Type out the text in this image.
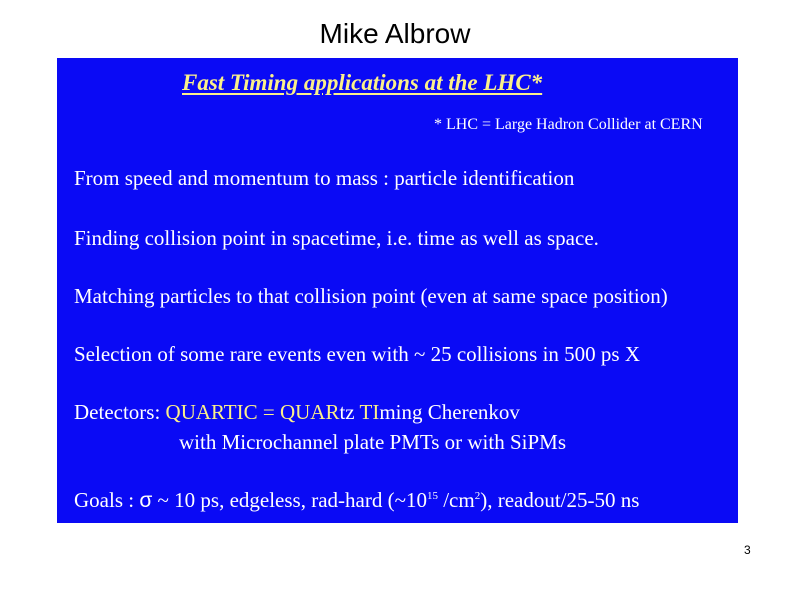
Mike Albrow
Fast Timing applications at the LHC*
* LHC = Large Hadron Collider at CERN
From speed and momentum to mass : particle identification
Finding collision point in spacetime, i.e. time as well as space.
Matching particles to that collision point (even at same space position)
Selection of some rare events even with ~ 25 collisions in 500 ps X
Detectors: QUARTIC = QUARtz TIming Cherenkov
with Microchannel plate PMTs or with SiPMs
Goals : σ ~ 10 ps, edgeless, rad-hard ($\sim 10^{15}$ $/cm^2$), readout/25-50 ns
3
